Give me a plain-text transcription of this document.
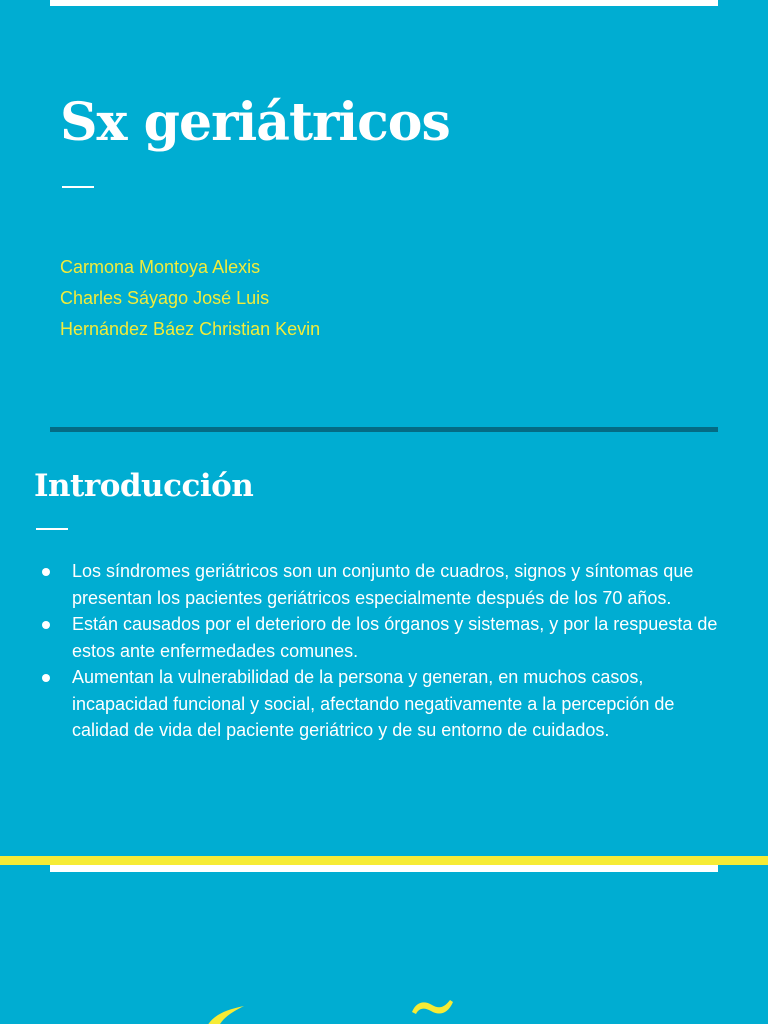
Sx geriátricos
Carmona Montoya Alexis
Charles Sáyago José Luis
Hernández Báez Christian Kevin
Introducción
Los síndromes geriátricos son un conjunto de cuadros, signos y síntomas que presentan los pacientes geriátricos especialmente después de los 70 años.
Están causados por el deterioro de los órganos y sistemas, y por la respuesta de estos ante enfermedades comunes.
Aumentan la vulnerabilidad de la persona y generan, en muchos casos, incapacidad funcional y social, afectando negativamente a la percepción de calidad de vida del paciente geriátrico y de su entorno de cuidados.
